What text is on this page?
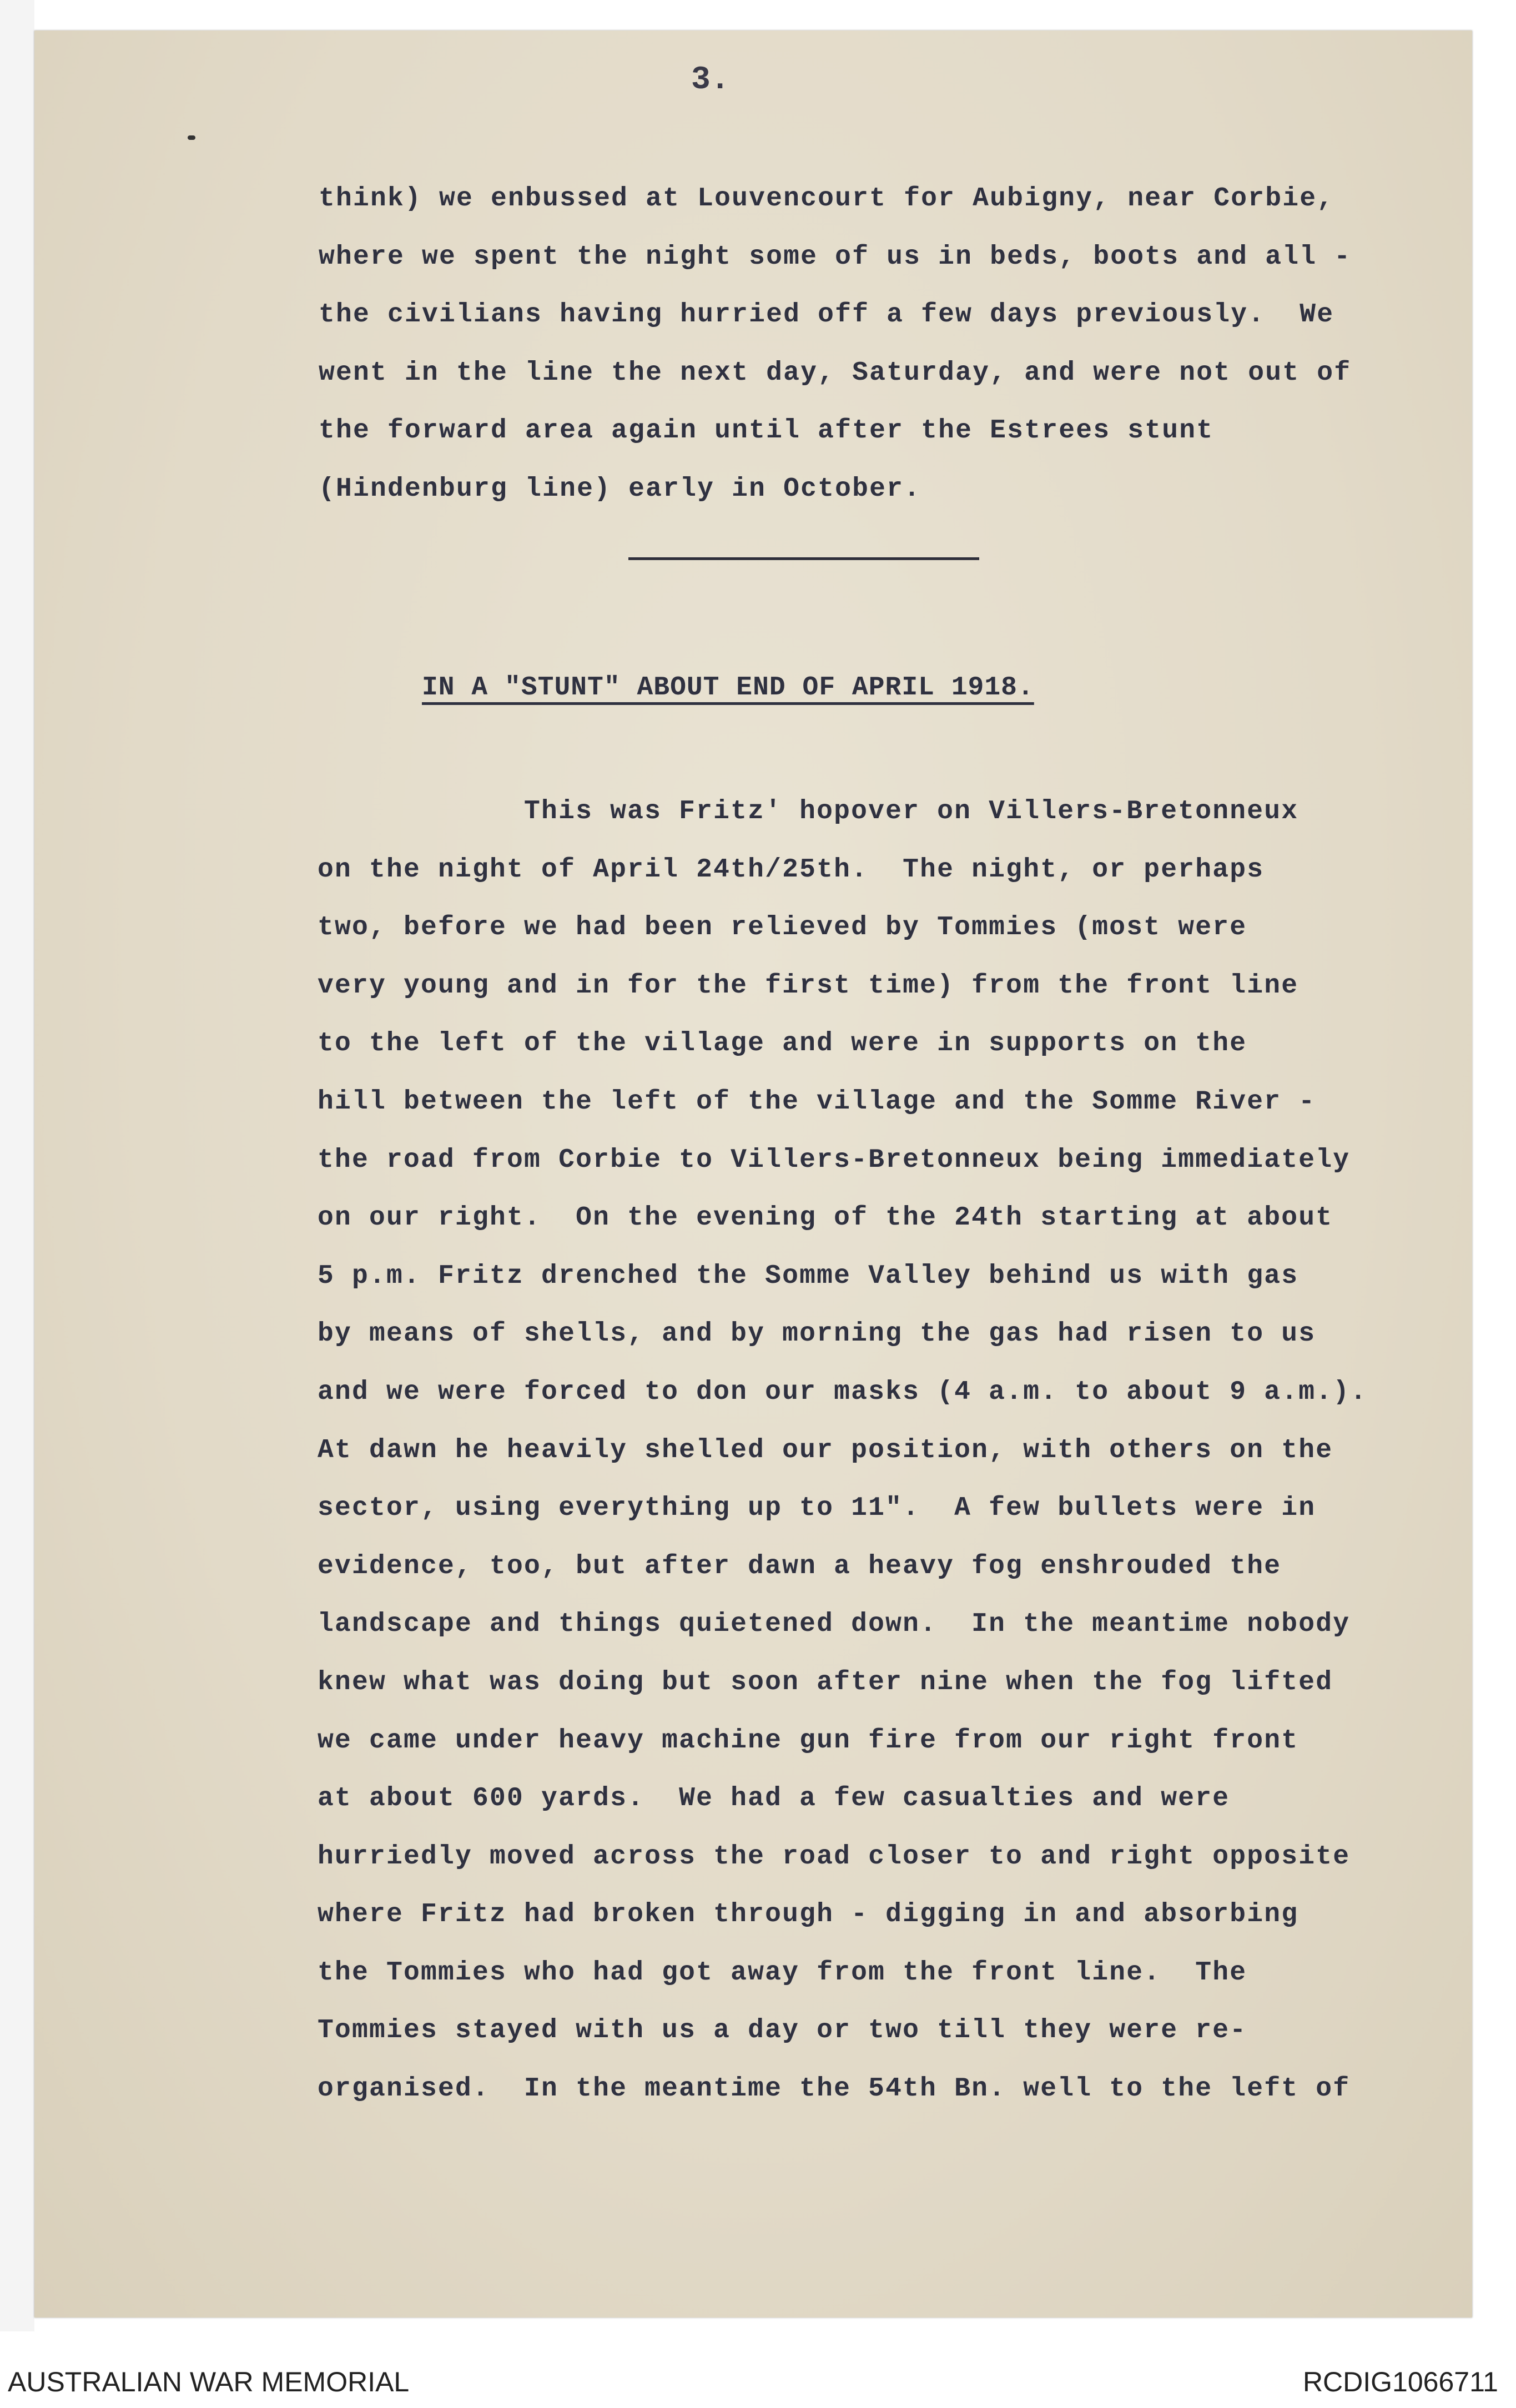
3.
think) we enbussed at Louvencourt for Aubigny, near Corbie,
where we spent the night some of us in beds, boots and all -
the civilians having hurried off a few days previously.  We
went in the line the next day, Saturday, and were not out of
the forward area again until after the Estrees stunt
(Hindenburg line) early in October.
IN A "STUNT" ABOUT END OF APRIL 1918.
This was Fritz' hopover on Villers-Bretonneux
on the night of April 24th/25th.  The night, or perhaps
two, before we had been relieved by Tommies (most were
very young and in for the first time) from the front line
to the left of the village and were in supports on the
hill between the left of the village and the Somme River -
the road from Corbie to Villers-Bretonneux being immediately
on our right.  On the evening of the 24th starting at about
5 p.m. Fritz drenched the Somme Valley behind us with gas
by means of shells, and by morning the gas had risen to us
and we were forced to don our masks (4 a.m. to about 9 a.m.).
At dawn he heavily shelled our position, with others on the
sector, using everything up to 11".  A few bullets were in
evidence, too, but after dawn a heavy fog enshrouded the
landscape and things quietened down.  In the meantime nobody
knew what was doing but soon after nine when the fog lifted
we came under heavy machine gun fire from our right front
at about 600 yards.  We had a few casualties and were
hurriedly moved across the road closer to and right opposite
where Fritz had broken through - digging in and absorbing
the Tommies who had got away from the front line.  The
Tommies stayed with us a day or two till they were re-
organised.  In the meantime the 54th Bn. well to the left of
AUSTRALIAN WAR MEMORIAL	RCDIG1066711
